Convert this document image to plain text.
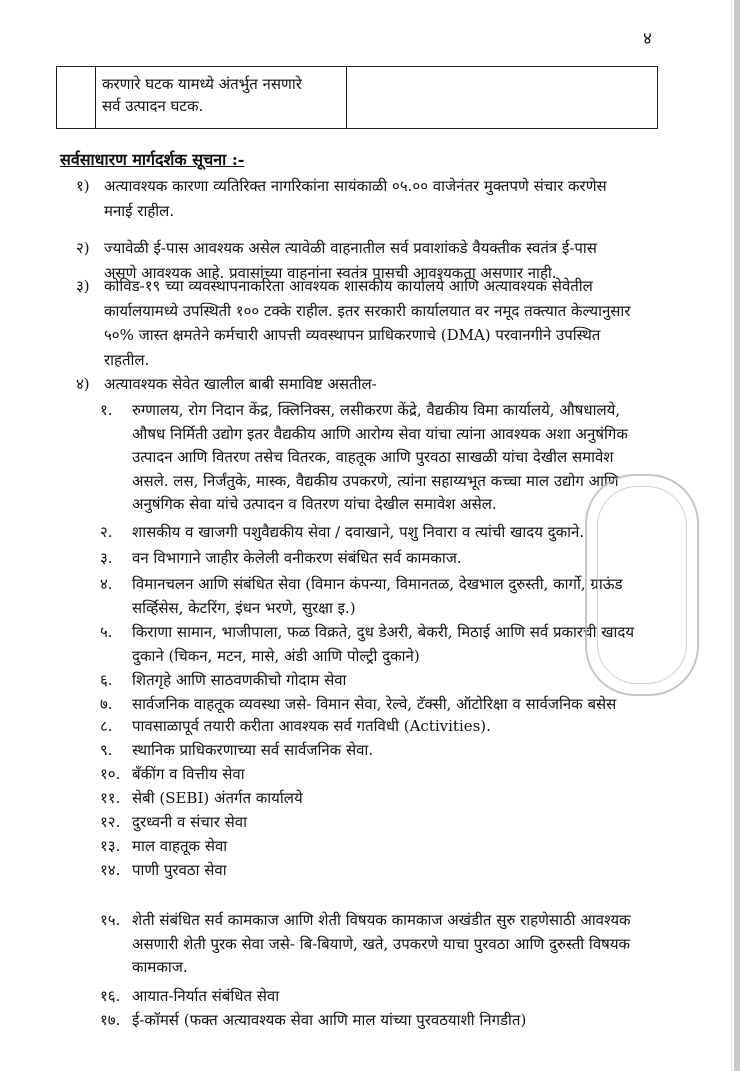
४

करणारे घटक यामध्ये अंतर्भुत नसणारे
सर्व उत्पादन घटक.

सर्वसाधारण मार्गदर्शक सूचना :-
१) अत्यावश्यक कारणा व्यतिरिक्त नागरिकांना सायंकाळी ०५.०० वाजेनंतर मुक्तपणे संचार करणेस
मनाई राहील.
२) ज्यावेळी ई-पास आवश्यक असेल त्यावेळी वाहनातील सर्व प्रवाशांकडे वैयक्तीक स्वतंत्र ई-पास
असणे आवश्यक आहे. प्रवासांच्या वाहनांना स्वतंत्र पासची आवश्यकता असणार नाही.
३) कोविड-१९ च्या व्यवस्थापनाकरिता आवश्यक शासकीय कार्यालये आणि अत्यावश्यक सेवेतील
कार्यालयामध्ये उपस्थिती १०० टक्के राहील. इतर सरकारी कार्यालयात वर नमूद तक्त्यात केल्यानुसार
५०% जास्त क्षमतेने कर्मचारी आपत्ती व्यवस्थापन प्राधिकरणाचे (DMA) परवानगीने उपस्थित
राहतील.
४) अत्यावश्यक सेवेत खालील बाबी समाविष्ट असतील-
१. रुग्णालय, रोग निदान केंद्र, क्लिनिक्स, लसीकरण केंद्रे, वैद्यकीय विमा कार्यालये, औषधालये,
औषध निर्मिती उद्योग इतर वैद्यकीय आणि आरोग्य सेवा यांचा त्यांना आवश्यक अशा अनुषंगिक
उत्पादन आणि वितरण तसेच वितरक, वाहतूक आणि पुरवठा साखळी यांचा देखील समावेश
असले. लस, निर्जंतुके, मास्क, वैद्यकीय उपकरणे, त्यांना सहाय्यभूत कच्चा माल उद्योग आणि
अनुषंगिक सेवा यांचे उत्पादन व वितरण यांचा देखील समावेश असेल.
२. शासकीय व खाजगी पशुवैद्यकीय सेवा / दवाखाने, पशु निवारा व त्यांची खादय दुकाने.
३. वन विभागाने जाहीर केलेली वनीकरण संबंधित सर्व कामकाज.
४. विमानचलन आणि संबंधित सेवा (विमान कंपन्या, विमानतळ, देखभाल दुरुस्ती, कार्गो, ग्राऊंड
सर्व्हिसेस, केटरिंग, इंधन भरणे, सुरक्षा इ.)
५. किराणा सामान, भाजीपाला, फळ विक्रते, दुध डेअरी, बेकरी, मिठाई आणि सर्व प्रकारची खादय
दुकाने (चिकन, मटन, मासे, अंडी आणि पोल्ट्री दुकाने)
६. शितगृहे आणि साठवणकीचो गोदाम सेवा
७. सार्वजनिक वाहतूक व्यवस्था जसे- विमान सेवा, रेल्वे, टॅक्सी, ऑटोरिक्षा व सार्वजनिक बसेस
८. पावसाळापूर्व तयारी करीता आवश्यक सर्व गतविधी (Activities).
९. स्थानिक प्राधिकरणाच्या सर्व सार्वजनिक सेवा.
१०. बँकींग व वित्तीय सेवा
११. सेबी (SEBI) अंतर्गत कार्यालये
१२. दुरध्वनी व संचार सेवा
१३. माल वाहतूक सेवा
१४. पाणी पुरवठा सेवा
१५. शेती संबंधित सर्व कामकाज आणि शेती विषयक कामकाज अखंडीत सुरु राहणेसाठी आवश्यक
असणारी शेती पुरक सेवा जसे- बि-बियाणे, खते, उपकरणे याचा पुरवठा आणि दुरुस्ती विषयक
कामकाज.
१६. आयात-निर्यात संबंधित सेवा
१७. ई-कॉमर्स (फक्त अत्यावश्यक सेवा आणि माल यांच्या पुरवठयाशी निगडीत)
